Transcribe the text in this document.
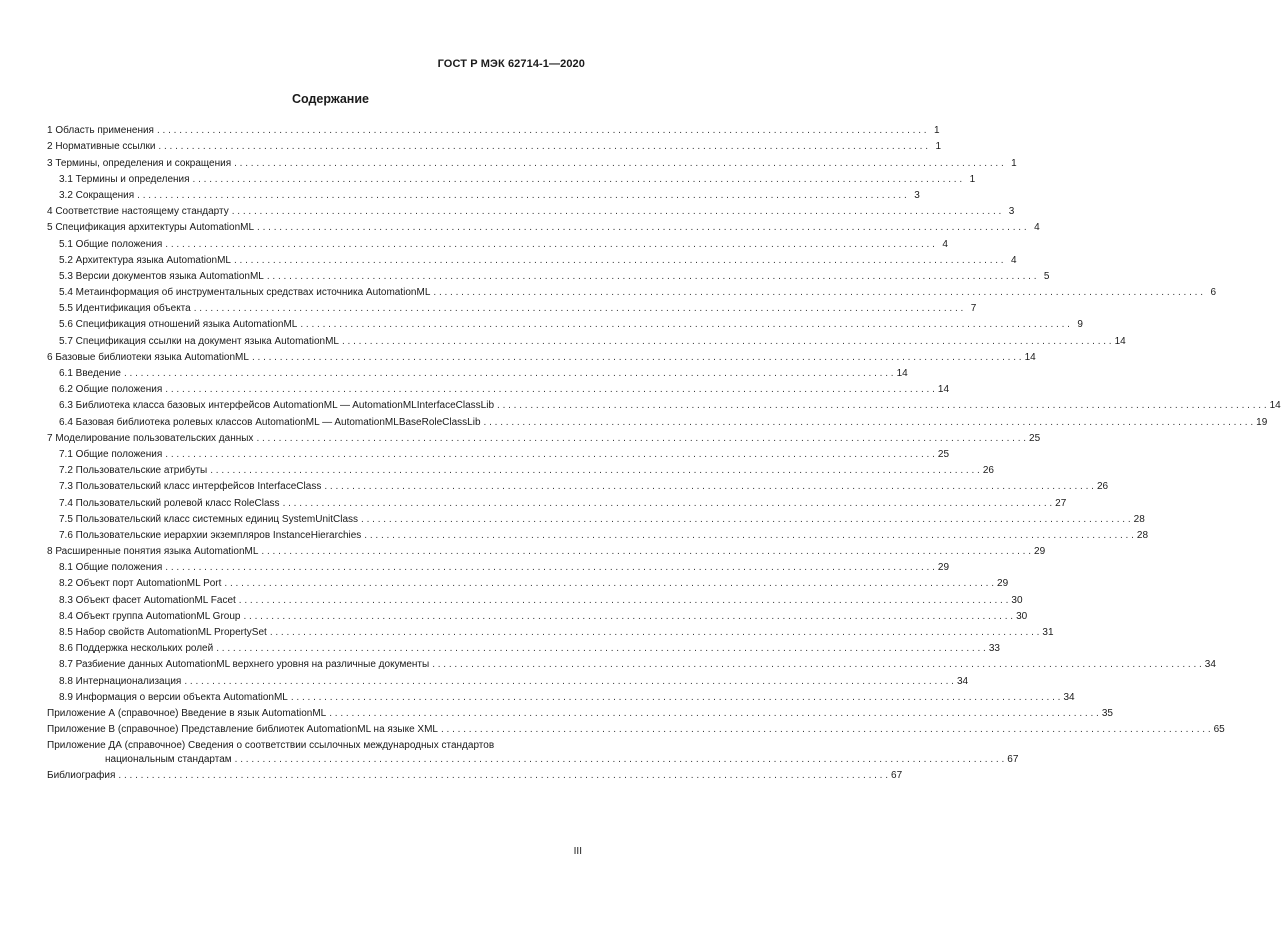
ГОСТ Р МЭК 62714-1—2020
Содержание
1 Область применения . . .	1
2 Нормативные ссылки . . .	1
3 Термины, определения и сокращения . . .	1
3.1 Термины и определения . . .	1
3.2 Сокращения . . .	3
4 Соответствие настоящему стандарту . . .	3
5 Спецификация архитектуры AutomationML . . .	4
5.1 Общие положения . . .	4
5.2 Архитектура языка AutomationML . . .	4
5.3 Версии документов языка AutomationML . . .	5
5.4 Метаинформация об инструментальных средствах источника AutomationML . . .	6
5.5 Идентификация объекта . . .	7
5.6 Спецификация отношений языка AutomationML . . .	9
5.7 Спецификация ссылки на документ языка AutomationML . . .	14
6 Базовые библиотеки языка AutomationML . . .	14
6.1 Введение . . .	14
6.2 Общие положения . . .	14
6.3 Библиотека класса базовых интерфейсов AutomationML — AutomationMLInterfaceClassLib . . .	14
6.4 Базовая библиотека ролевых классов AutomationML — AutomationMLBaseRoleClassLib . . .	19
7 Моделирование пользовательских данных . . .	25
7.1 Общие положения . . .	25
7.2 Пользовательские атрибуты . . .	26
7.3 Пользовательский класс интерфейсов InterfaceClass . . .	26
7.4 Пользовательский ролевой класс RoleClass . . .	27
7.5 Пользовательский класс системных единиц SystemUnitClass . . .	28
7.6 Пользовательские иерархии экземпляров InstanceHierarchies . . .	28
8 Расширенные понятия языка AutomationML . . .	29
8.1 Общие положения . . .	29
8.2 Объект порт AutomationML Port . . .	29
8.3 Объект фасет AutomationML Facet . . .	30
8.4 Объект группа AutomationML Group . . .	30
8.5 Набор свойств AutomationML PropertySet . . .	31
8.6 Поддержка нескольких ролей . . .	33
8.7 Разбиение данных AutomationML верхнего уровня на различные документы . . .	34
8.8 Интернационализация . . .	34
8.9 Информация о версии объекта AutomationML . . .	34
Приложение А (справочное) Введение в язык AutomationML . . .	35
Приложение В (справочное) Представление библиотек AutomationML на языке XML . . .	65
Приложение ДА (справочное) Сведения о соответствии ссылочных международных стандартов
национальным стандартам . . .	67
Библиография . . .	67
III
